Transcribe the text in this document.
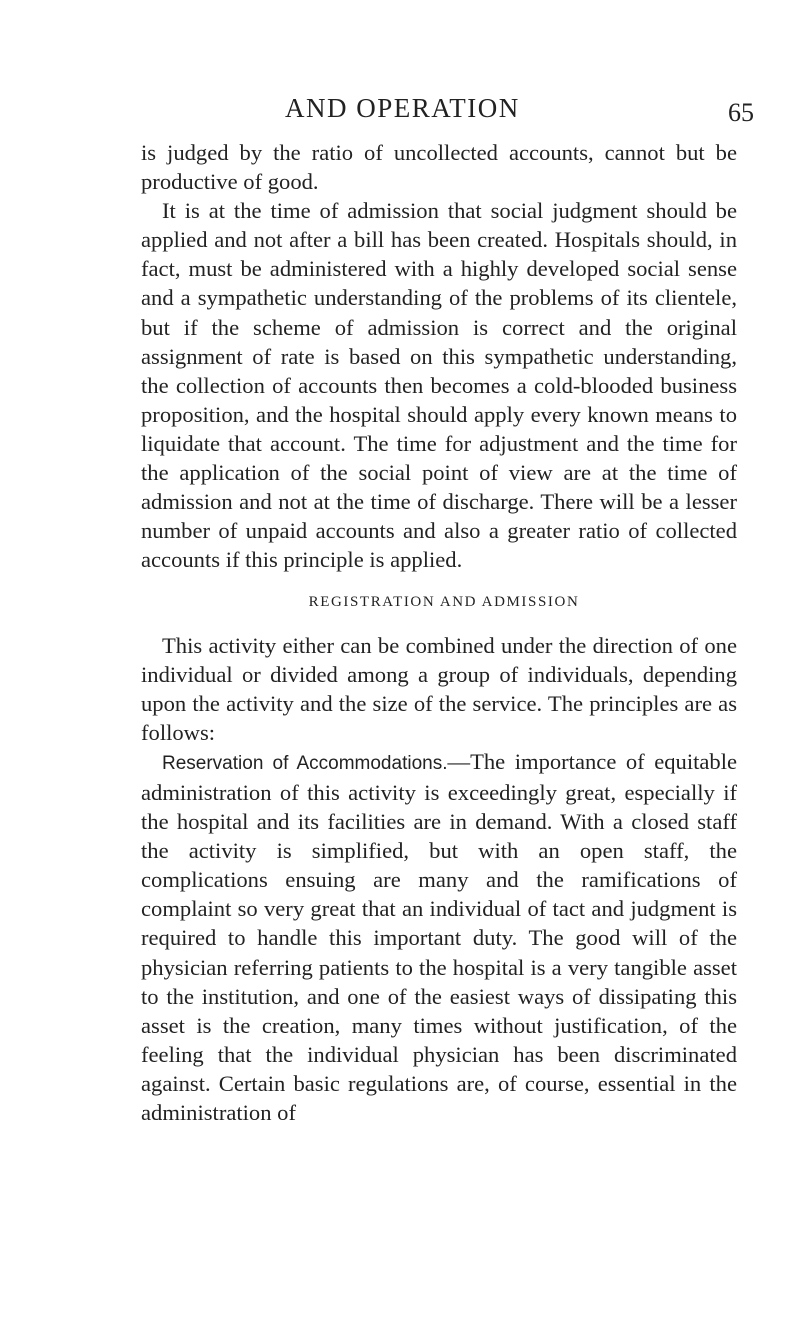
AND OPERATION	65

is judged by the ratio of uncollected accounts, cannot but be productive of good.

It is at the time of admission that social judgment should be applied and not after a bill has been created. Hospitals should, in fact, must be administered with a highly developed social sense and a sympathetic understanding of the problems of its clientele, but if the scheme of admission is correct and the original assignment of rate is based on this sympathetic understanding, the collection of accounts then becomes a cold-blooded business proposition, and the hospital should apply every known means to liquidate that account. The time for adjustment and the time for the application of the social point of view are at the time of admission and not at the time of discharge. There will be a lesser number of unpaid accounts and also a greater ratio of collected accounts if this principle is applied.

REGISTRATION AND ADMISSION

This activity either can be combined under the direction of one individual or divided among a group of individuals, depending upon the activity and the size of the service. The principles are as follows:

Reservation of Accommodations.—The importance of equitable administration of this activity is exceedingly great, especially if the hospital and its facilities are in demand. With a closed staff the activity is simplified, but with an open staff, the complications ensuing are many and the ramifications of complaint so very great that an individual of tact and judgment is required to handle this important duty. The good will of the physician referring patients to the hospital is a very tangible asset to the institution, and one of the easiest ways of dissipating this asset is the creation, many times without justification, of the feeling that the individual physician has been discriminated against. Certain basic regulations are, of course, essential in the administration of
